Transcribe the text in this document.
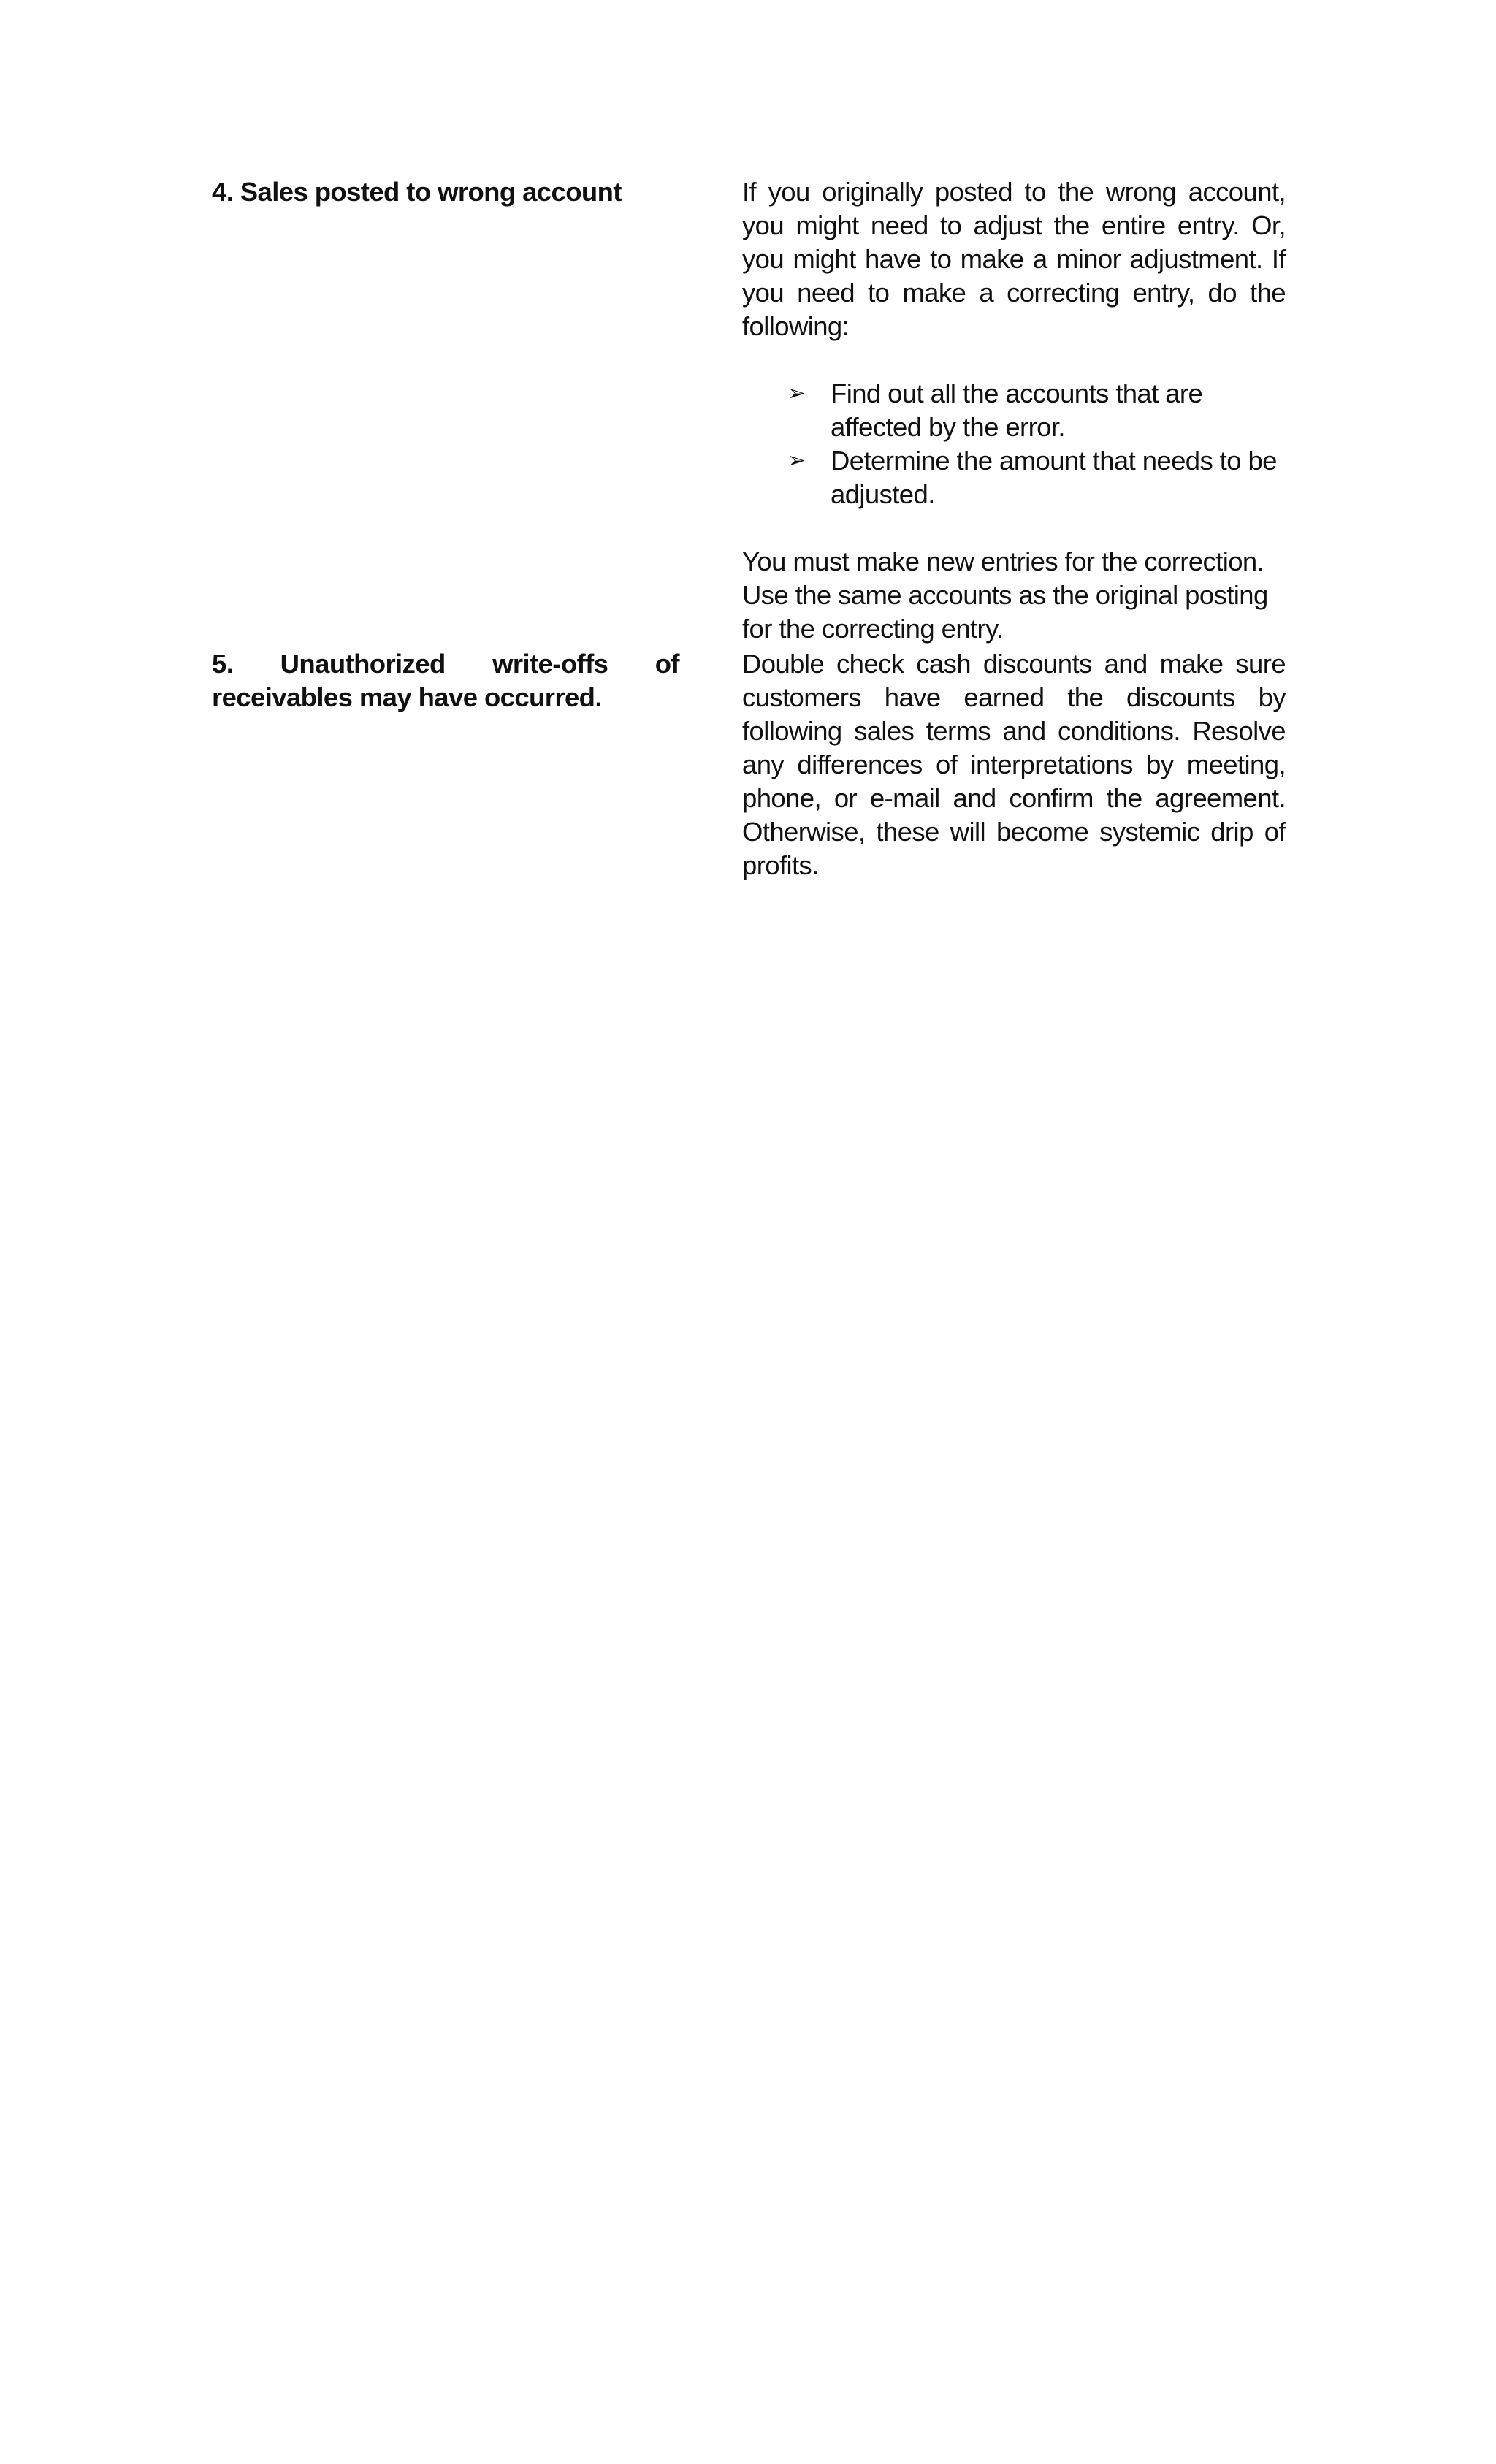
4. Sales posted to wrong account	If you originally posted to the wrong account, you might need to adjust the entire entry. Or, you might have to make a minor adjustment. If you need to make a correcting entry, do the following:

➢ Find out all the accounts that are affected by the error.
➢ Determine the amount that needs to be adjusted.

You must make new entries for the correction. Use the same accounts as the original posting for the correcting entry.

5. Unauthorized write-offs of receivables may have occurred.

Double check cash discounts and make sure customers have earned the discounts by following sales terms and conditions. Resolve any differences of interpretations by meeting, phone, or e-mail and confirm the agreement. Otherwise, these will become systemic drip of profits.
